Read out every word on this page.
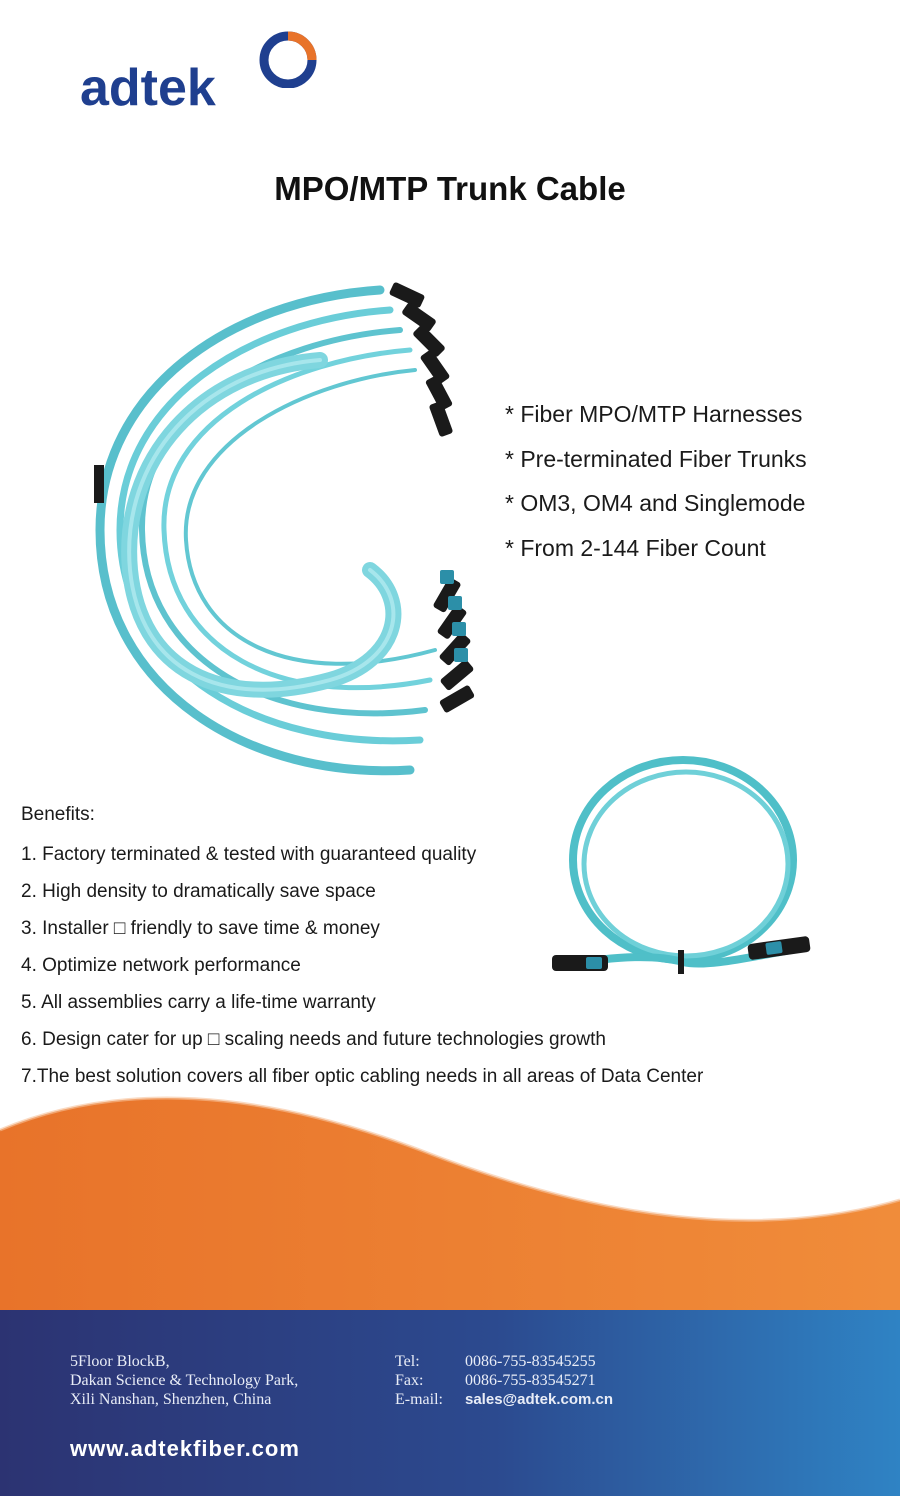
adtek
MPO/MTP Trunk Cable
* Fiber MPO/MTP Harnesses
* Pre-terminated Fiber Trunks
* OM3, OM4 and Singlemode
* From 2-144 Fiber Count
Benefits:
1. Factory terminated & tested with guaranteed quality
2. High density to dramatically save space
3. Installer □ friendly to save time & money
4. Optimize network performance
5. All assemblies carry a life-time warranty
6. Design cater for up □ scaling needs and future technologies growth
7.The best solution covers all fiber optic cabling needs in all areas of Data Center
5Floor BlockB,
Dakan Science & Technology Park,
Xili Nanshan, Shenzhen, China
Tel:	0086-755-83545255
Fax:	0086-755-83545271
E-mail: sales@adtek.com.cn
www.adtekfiber.com
